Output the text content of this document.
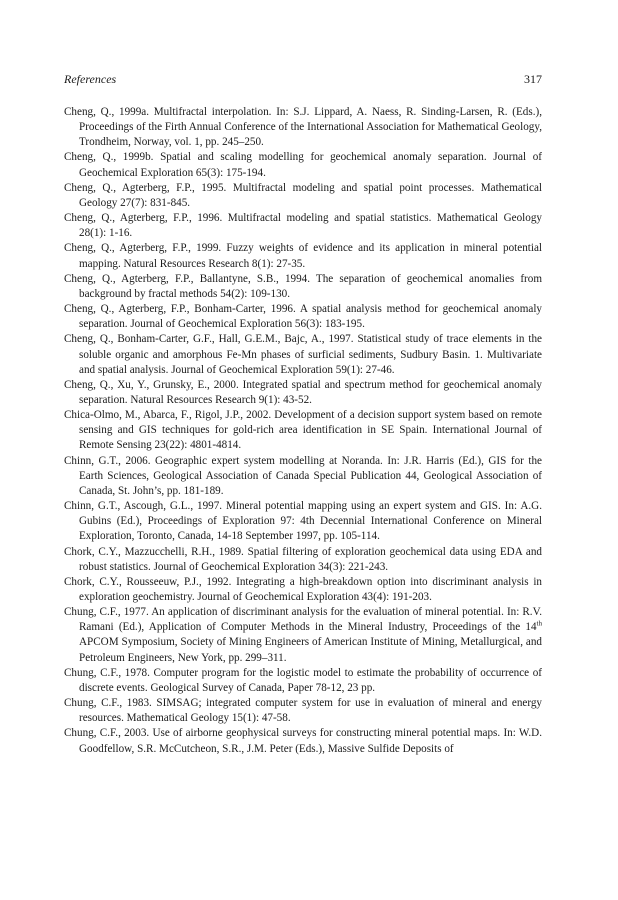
References	317
Cheng, Q., 1999a. Multifractal interpolation. In: S.J. Lippard, A. Naess, R. Sinding-Larsen, R. (Eds.), Proceedings of the Firth Annual Conference of the International Association for Mathematical Geology, Trondheim, Norway, vol. 1, pp. 245–250.
Cheng, Q., 1999b. Spatial and scaling modelling for geochemical anomaly separation. Journal of Geochemical Exploration 65(3): 175-194.
Cheng, Q., Agterberg, F.P., 1995. Multifractal modeling and spatial point processes. Mathematical Geology 27(7): 831-845.
Cheng, Q., Agterberg, F.P., 1996. Multifractal modeling and spatial statistics. Mathematical Geology 28(1): 1-16.
Cheng, Q., Agterberg, F.P., 1999. Fuzzy weights of evidence and its application in mineral potential mapping. Natural Resources Research 8(1): 27-35.
Cheng, Q., Agterberg, F.P., Ballantyne, S.B., 1994. The separation of geochemical anomalies from background by fractal methods 54(2): 109-130.
Cheng, Q., Agterberg, F.P., Bonham-Carter, 1996. A spatial analysis method for geochemical anomaly separation. Journal of Geochemical Exploration 56(3): 183-195.
Cheng, Q., Bonham-Carter, G.F., Hall, G.E.M., Bajc, A., 1997. Statistical study of trace elements in the soluble organic and amorphous Fe-Mn phases of surficial sediments, Sudbury Basin. 1. Multivariate and spatial analysis. Journal of Geochemical Exploration 59(1): 27-46.
Cheng, Q., Xu, Y., Grunsky, E., 2000. Integrated spatial and spectrum method for geochemical anomaly separation. Natural Resources Research 9(1): 43-52.
Chica-Olmo, M., Abarca, F., Rigol, J.P., 2002. Development of a decision support system based on remote sensing and GIS techniques for gold-rich area identification in SE Spain. International Journal of Remote Sensing 23(22): 4801-4814.
Chinn, G.T., 2006. Geographic expert system modelling at Noranda. In: J.R. Harris (Ed.), GIS for the Earth Sciences, Geological Association of Canada Special Publication 44, Geological Association of Canada, St. John’s, pp. 181-189.
Chinn, G.T., Ascough, G.L., 1997. Mineral potential mapping using an expert system and GIS. In: A.G. Gubins (Ed.), Proceedings of Exploration 97: 4th Decennial International Conference on Mineral Exploration, Toronto, Canada, 14-18 September 1997, pp. 105-114.
Chork, C.Y., Mazzucchelli, R.H., 1989. Spatial filtering of exploration geochemical data using EDA and robust statistics. Journal of Geochemical Exploration 34(3): 221-243.
Chork, C.Y., Rousseeuw, P.J., 1992. Integrating a high-breakdown option into discriminant analysis in exploration geochemistry. Journal of Geochemical Exploration 43(4): 191-203.
Chung, C.F., 1977. An application of discriminant analysis for the evaluation of mineral potential. In: R.V. Ramani (Ed.), Application of Computer Methods in the Mineral Industry, Proceedings of the 14th APCOM Symposium, Society of Mining Engineers of American Institute of Mining, Metallurgical, and Petroleum Engineers, New York, pp. 299–311.
Chung, C.F., 1978. Computer program for the logistic model to estimate the probability of occurrence of discrete events. Geological Survey of Canada, Paper 78-12, 23 pp.
Chung, C.F., 1983. SIMSAG; integrated computer system for use in evaluation of mineral and energy resources. Mathematical Geology 15(1): 47-58.
Chung, C.F., 2003. Use of airborne geophysical surveys for constructing mineral potential maps. In: W.D. Goodfellow, S.R. McCutcheon, S.R., J.M. Peter (Eds.), Massive Sulfide Deposits of
